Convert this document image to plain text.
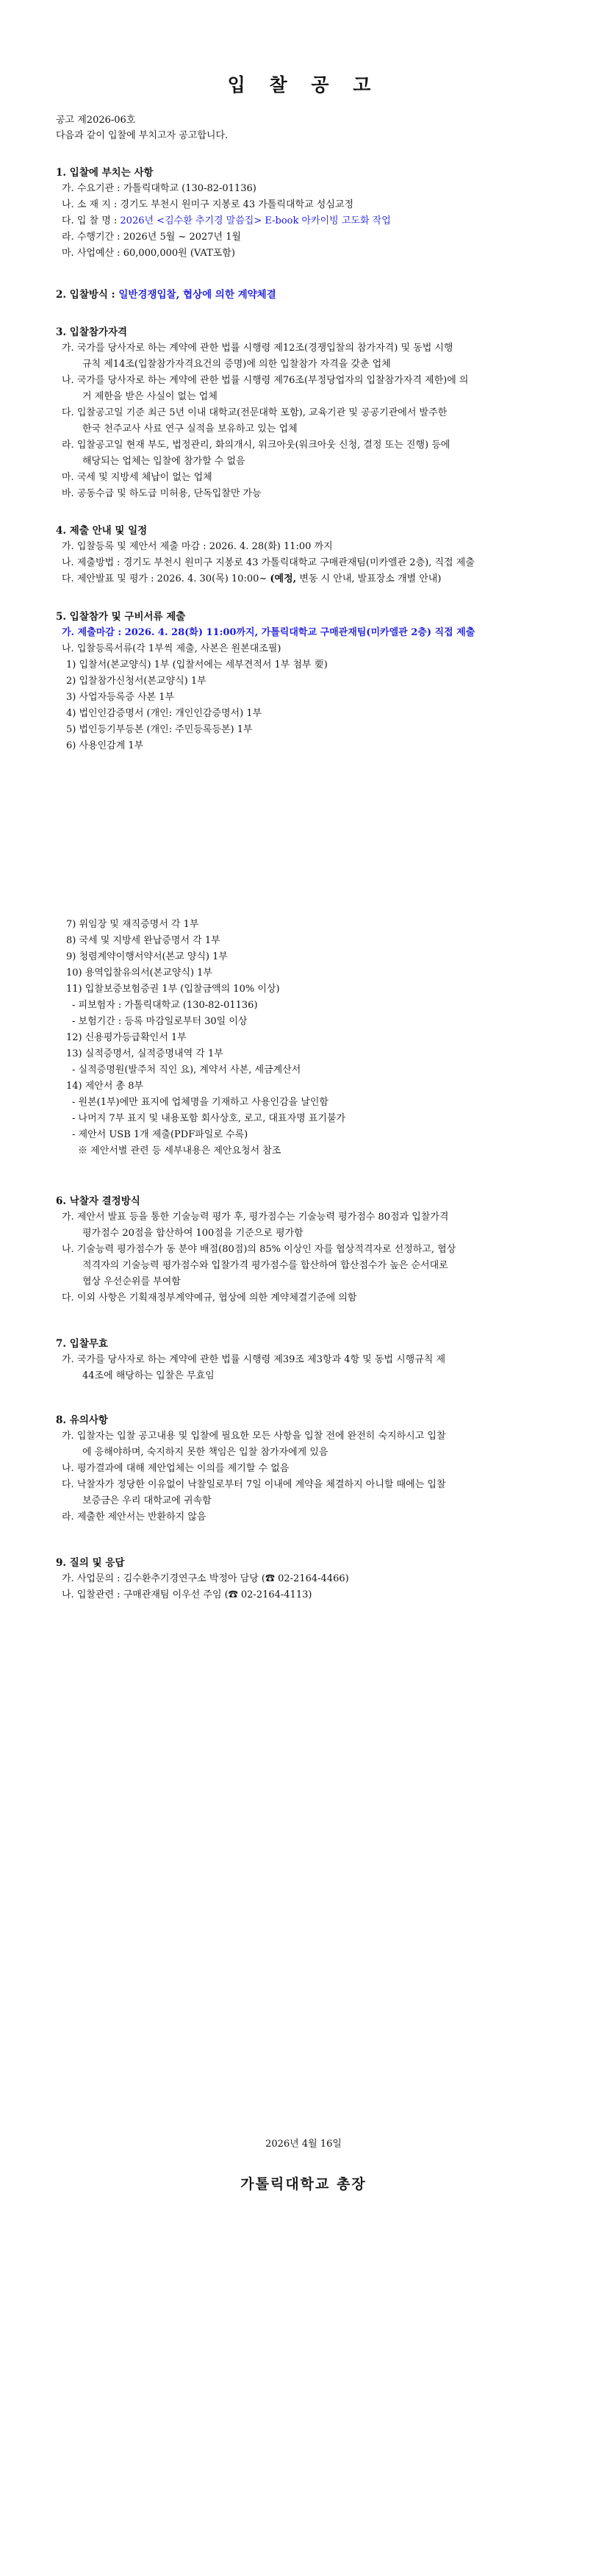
입 찰 공 고
공고 제2026-06호
다음과 같이 입찰에 부치고자 공고합니다.
1. 입찰에 부치는 사항
가. 수요기관 : 가톨릭대학교 (130-82-01136)
나. 소 재 지 : 경기도 부천시 원미구 지봉로 43 가톨릭대학교 성심교정
다. 입 찰 명 : 2026년 <김수환 추기경 말씀집> E-book 아카이빙 고도화 작업
라. 수행기간 : 2026년 5월 ~ 2027년 1월
마. 사업예산 : 60,000,000원 (VAT포함)
2. 입찰방식 : 일반경쟁입찰, 협상에 의한 계약체결
3. 입찰참가자격
가. 국가를 당사자로 하는 계약에 관한 법률 시행령 제12조(경쟁입찰의 참가자격) 및 동법 시행
규칙 제14조(입찰참가자격요건의 증명)에 의한 입찰참가 자격을 갖춘 업체
나. 국가를 당사자로 하는 계약에 관한 법률 시행령 제76조(부정당업자의 입찰참가자격 제한)에 의
거 제한을 받은 사실이 없는 업체
다. 입찰공고일 기준 최근 5년 이내 대학교(전문대학 포함), 교육기관 및 공공기관에서 발주한
한국 천주교사 사료 연구 실적을 보유하고 있는 업체
라. 입찰공고일 현재 부도, 법정관리, 화의개시, 워크아웃(워크아웃 신청, 결정 또는 진행) 등에
해당되는 업체는 입찰에 참가할 수 없음
마. 국세 및 지방세 체납이 없는 업체
바. 공동수급 및 하도급 미허용, 단독입찰만 가능
4. 제출 안내 및 일정
가. 입찰등록 및 제안서 제출 마감 : 2026. 4. 28(화) 11:00 까지
나. 제출방법 : 경기도 부천시 원미구 지봉로 43 가톨릭대학교 구매관재팀(미카엘관 2층), 직접 제출
다. 제안발표 및 평가 : 2026. 4. 30(목) 10:00~ (예정, 변동 시 안내, 발표장소 개별 안내)
5. 입찰참가 및 구비서류 제출
가. 제출마감 : 2026. 4. 28(화) 11:00까지, 가톨릭대학교 구매관재팀(미카엘관 2층) 직접 제출
나. 입찰등록서류(각 1부씩 제출, 사본은 원본대조필)
1) 입찰서(본교양식) 1부 (입찰서에는 세부견적서 1부 첨부 要)
2) 입찰참가신청서(본교양식) 1부
3) 사업자등록증 사본 1부
4) 법인인감증명서 (개인: 개인인감증명서) 1부
5) 법인등기부등본 (개인: 주민등록등본) 1부
6) 사용인감계 1부
7) 위임장 및 재직증명서 각 1부
8) 국세 및 지방세 완납증명서 각 1부
9) 청렴계약이행서약서(본교 양식) 1부
10) 용역입찰유의서(본교양식) 1부
11) 입찰보증보험증권 1부 (입찰금액의 10% 이상)
- 피보험자 : 가톨릭대학교 (130-82-01136)
- 보험기간 : 등록 마감일로부터 30일 이상
12) 신용평가등급확인서 1부
13) 실적증명서, 실적증명내역 각 1부
- 실적증명원(발주처 직인 요), 계약서 사본, 세금계산서
14) 제안서 총 8부
- 원본(1부)에만 표지에 업체명을 기재하고 사용인감을 날인함
- 나머지 7부 표지 및 내용포함 회사상호, 로고, 대표자명 표기불가
- 제안서 USB 1개 제출(PDF파일로 수록)
※ 제안서별 관련 등 세부내용은 제안요청서 참조
6. 낙찰자 결정방식
가. 제안서 발표 등을 통한 기술능력 평가 후, 평가점수는 기술능력 평가점수 80점과 입찰가격
평가점수 20점을 합산하여 100점을 기준으로 평가함
나. 기술능력 평가점수가 동 분야 배점(80점)의 85% 이상인 자를 협상적격자로 선정하고, 협상
적격자의 기술능력 평가점수와 입찰가격 평가점수를 합산하여 합산점수가 높은 순서대로
협상 우선순위를 부여함
다. 이외 사항은 기획재정부계약예규, 협상에 의한 계약체결기준에 의함
7. 입찰무효
가. 국가를 당사자로 하는 계약에 관한 법률 시행령 제39조 제3항과 4항 및 동법 시행규칙 제
44조에 해당하는 입찰은 무효임
8. 유의사항
가. 입찰자는 입찰 공고내용 및 입찰에 필요한 모든 사항을 입찰 전에 완전히 숙지하시고 입찰
에 응해야하며, 숙지하지 못한 책임은 입찰 참가자에게 있음
나. 평가결과에 대해 제안업체는 이의를 제기할 수 없음
다. 낙찰자가 정당한 이유없이 낙찰일로부터 7일 이내에 계약을 체결하지 아니할 때에는 입찰
보증금은 우리 대학교에 귀속함
라. 제출한 제안서는 반환하지 않음
9. 질의 및 응답
가. 사업문의 : 김수환추기경연구소 박정아 담당 (☎ 02-2164-4466)
나. 입찰관련 : 구매관재팀 이우선 주임 (☎ 02-2164-4113)
2026년 4월 16일
가톨릭대학교 총장
